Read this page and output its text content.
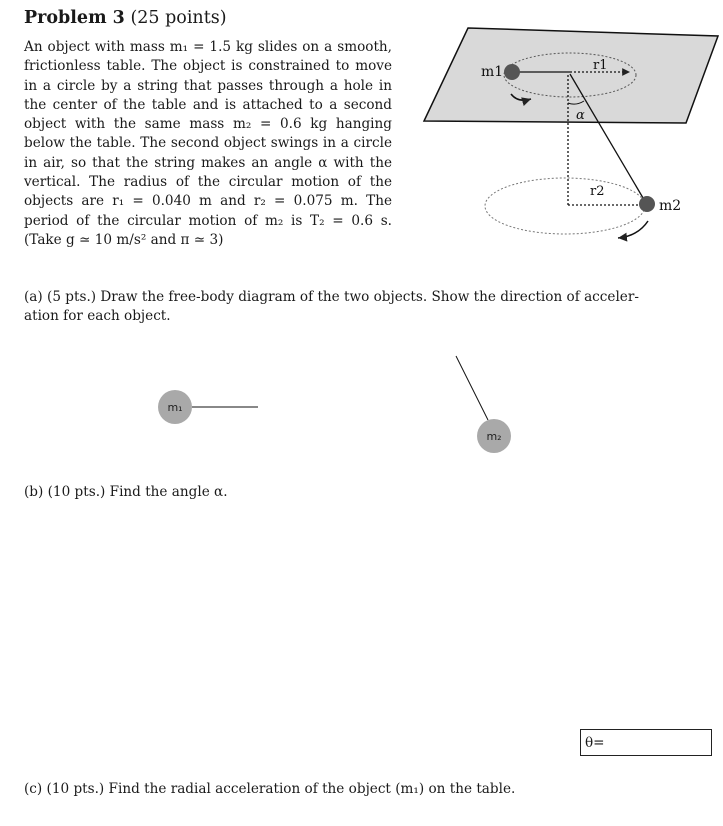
Problem 3 (25 points)
An object with mass m₁ = 1.5 kg slides on a smooth, frictionless table. The object is constrained to move in a circle by a string that passes through a hole in the center of the table and is attached to a second object with the same mass m₂ = 0.6 kg hanging below the table. The second object swings in a circle in air, so that the string makes an angle α with the vertical. The radius of the circular motion of the objects are r₁ = 0.040 m and r₂ = 0.075 m. The period of the circular motion of m₂ is T₂ = 0.6 s. (Take g ≃ 10 m/s² and π ≃ 3)
m1	r1
α
r2
m2
(a) (5 pts.) Draw the free-body diagram of the two objects. Show the direction of acceler-
ation for each object.
m₁
m₂
(b) (10 pts.) Find the angle α.
θ=
(c) (10 pts.) Find the radial acceleration of the object (m₁) on the table.
